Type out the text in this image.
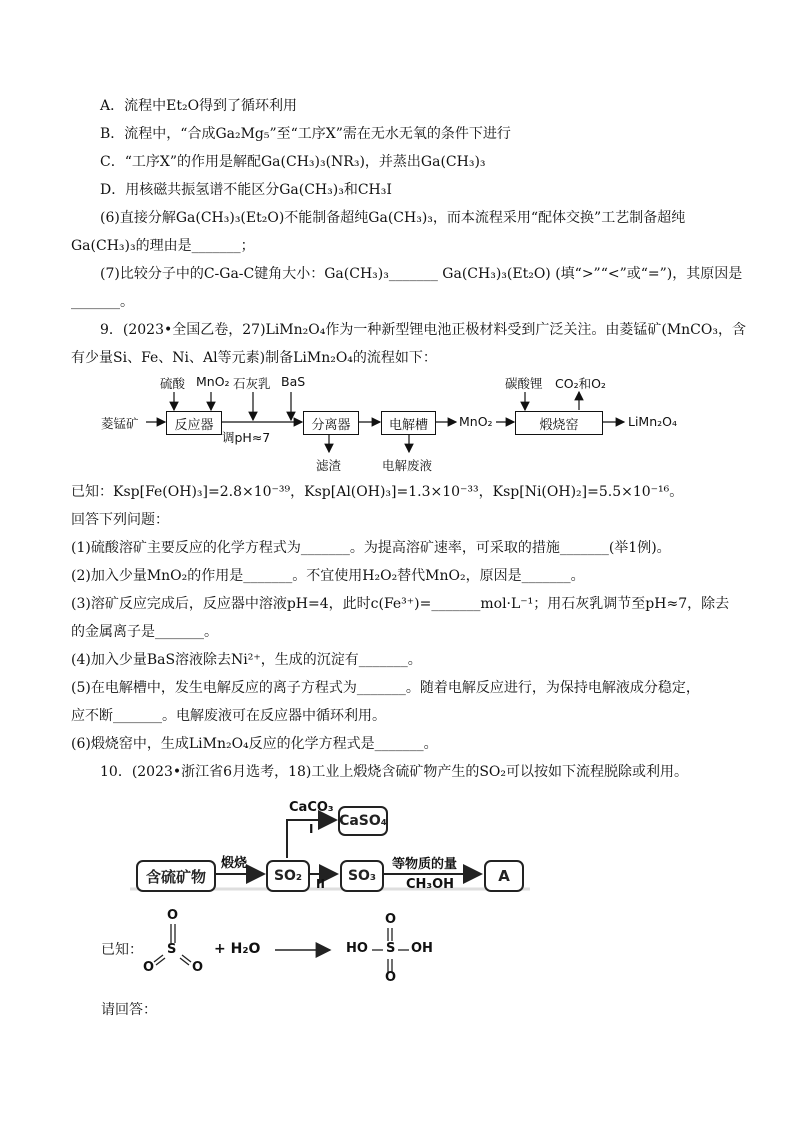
A．流程中Et₂O得到了循环利用
B．流程中，“合成Ga₂Mg₅”至“工序X”需在无水无氧的条件下进行
C．“工序X”的作用是解配Ga(CH₃)₃(NR₃)，并蒸出Ga(CH₃)₃
D．用核磁共振氢谱不能区分Ga(CH₃)₃和CH₃I
(6)直接分解Ga(CH₃)₃(Et₂O)不能制备超纯Ga(CH₃)₃，而本流程采用“配体交换”工艺制备超纯
Ga(CH₃)₃的理由是_______；
(7)比较分子中的C-Ga-C键角大小：Ga(CH₃)₃_______ Ga(CH₃)₃(Et₂O) (填“>”“<”或“=”)，其原因是
_______。
9．(2023•全国乙卷，27)LiMn₂O₄作为一种新型锂电池正极材料受到广泛关注。由菱锰矿(MnCO₃，含
有少量Si、Fe、Ni、Al等元素)制备LiMn₂O₄的流程如下：
菱锰矿
硫酸 MnO₂ 石灰乳 BaS
反应器
调pH≈7
分离器
滤渣
电解槽
电解废液
MnO₂
碳酸锂 CO₂和O₂
煅烧窑	LiMn₂O₄
已知：Ksp[Fe(OH)₃]=2.8×10⁻³⁹，Ksp[Al(OH)₃]=1.3×10⁻³³，Ksp[Ni(OH)₂]=5.5×10⁻¹⁶。
回答下列问题：
(1)硫酸溶矿主要反应的化学方程式为_______。为提高溶矿速率，可采取的措施_______(举1例)。
(2)加入少量MnO₂的作用是_______。不宜使用H₂O₂替代MnO₂，原因是_______。
(3)溶矿反应完成后，反应器中溶液pH=4，此时c(Fe³⁺)=_______mol·L⁻¹；用石灰乳调节至pH≈7，除去
的金属离子是_______。
(4)加入少量BaS溶液除去Ni²⁺，生成的沉淀有_______。
(5)在电解槽中，发生电解反应的离子方程式为_______。随着电解反应进行，为保持电解液成分稳定，
应不断_______。电解废液可在反应器中循环利用。
(6)煅烧窑中，生成LiMn₂O₄反应的化学方程式是_______。
10．(2023•浙江省6月选考，18)工业上煅烧含硫矿物产生的SO₂可以按如下流程脱除或利用。
含硫矿物
煅烧
SO₂
CaCO₃
I CaSO₄
II	SO₃
等物质的量
CH₃OH	A
已知：
O
S
O	O
+ H₂O	HO S OH
O
O
请回答：
